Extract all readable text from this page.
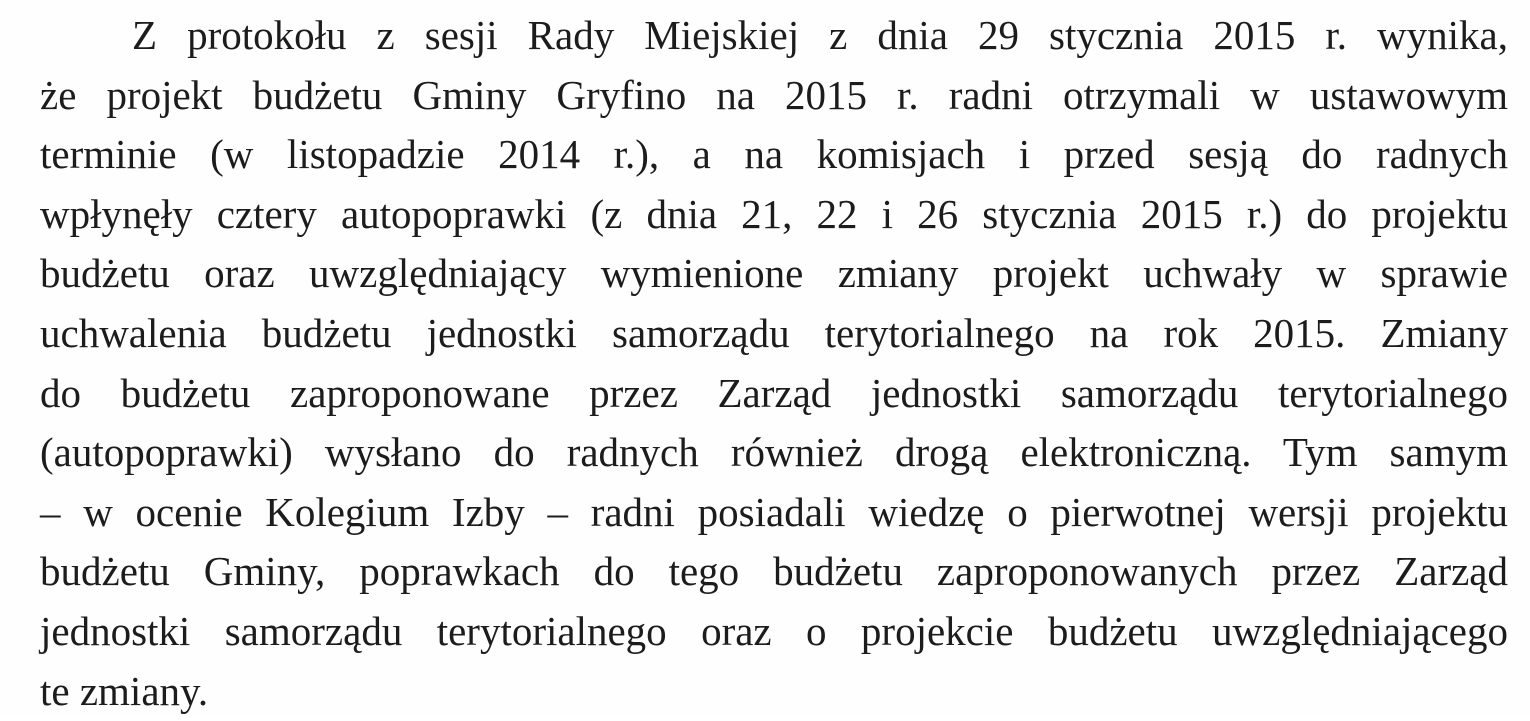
Z protokołu z sesji Rady Miejskiej z dnia 29 stycznia 2015 r. wynika,
że projekt budżetu Gminy Gryfino na 2015 r. radni otrzymali w ustawowym
terminie (w listopadzie 2014 r.), a na komisjach i przed sesją do radnych
wpłynęły cztery autopoprawki (z dnia 21, 22 i 26 stycznia 2015 r.) do projektu
budżetu oraz uwzględniający wymienione zmiany projekt uchwały w sprawie
uchwalenia budżetu jednostki samorządu terytorialnego na rok 2015. Zmiany
do budżetu zaproponowane przez Zarząd jednostki samorządu terytorialnego
(autopoprawki) wysłano do radnych również drogą elektroniczną. Tym samym
– w ocenie Kolegium Izby – radni posiadali wiedzę o pierwotnej wersji projektu
budżetu Gminy, poprawkach do tego budżetu zaproponowanych przez Zarząd
jednostki samorządu terytorialnego oraz o projekcie budżetu uwzględniającego
te zmiany.
